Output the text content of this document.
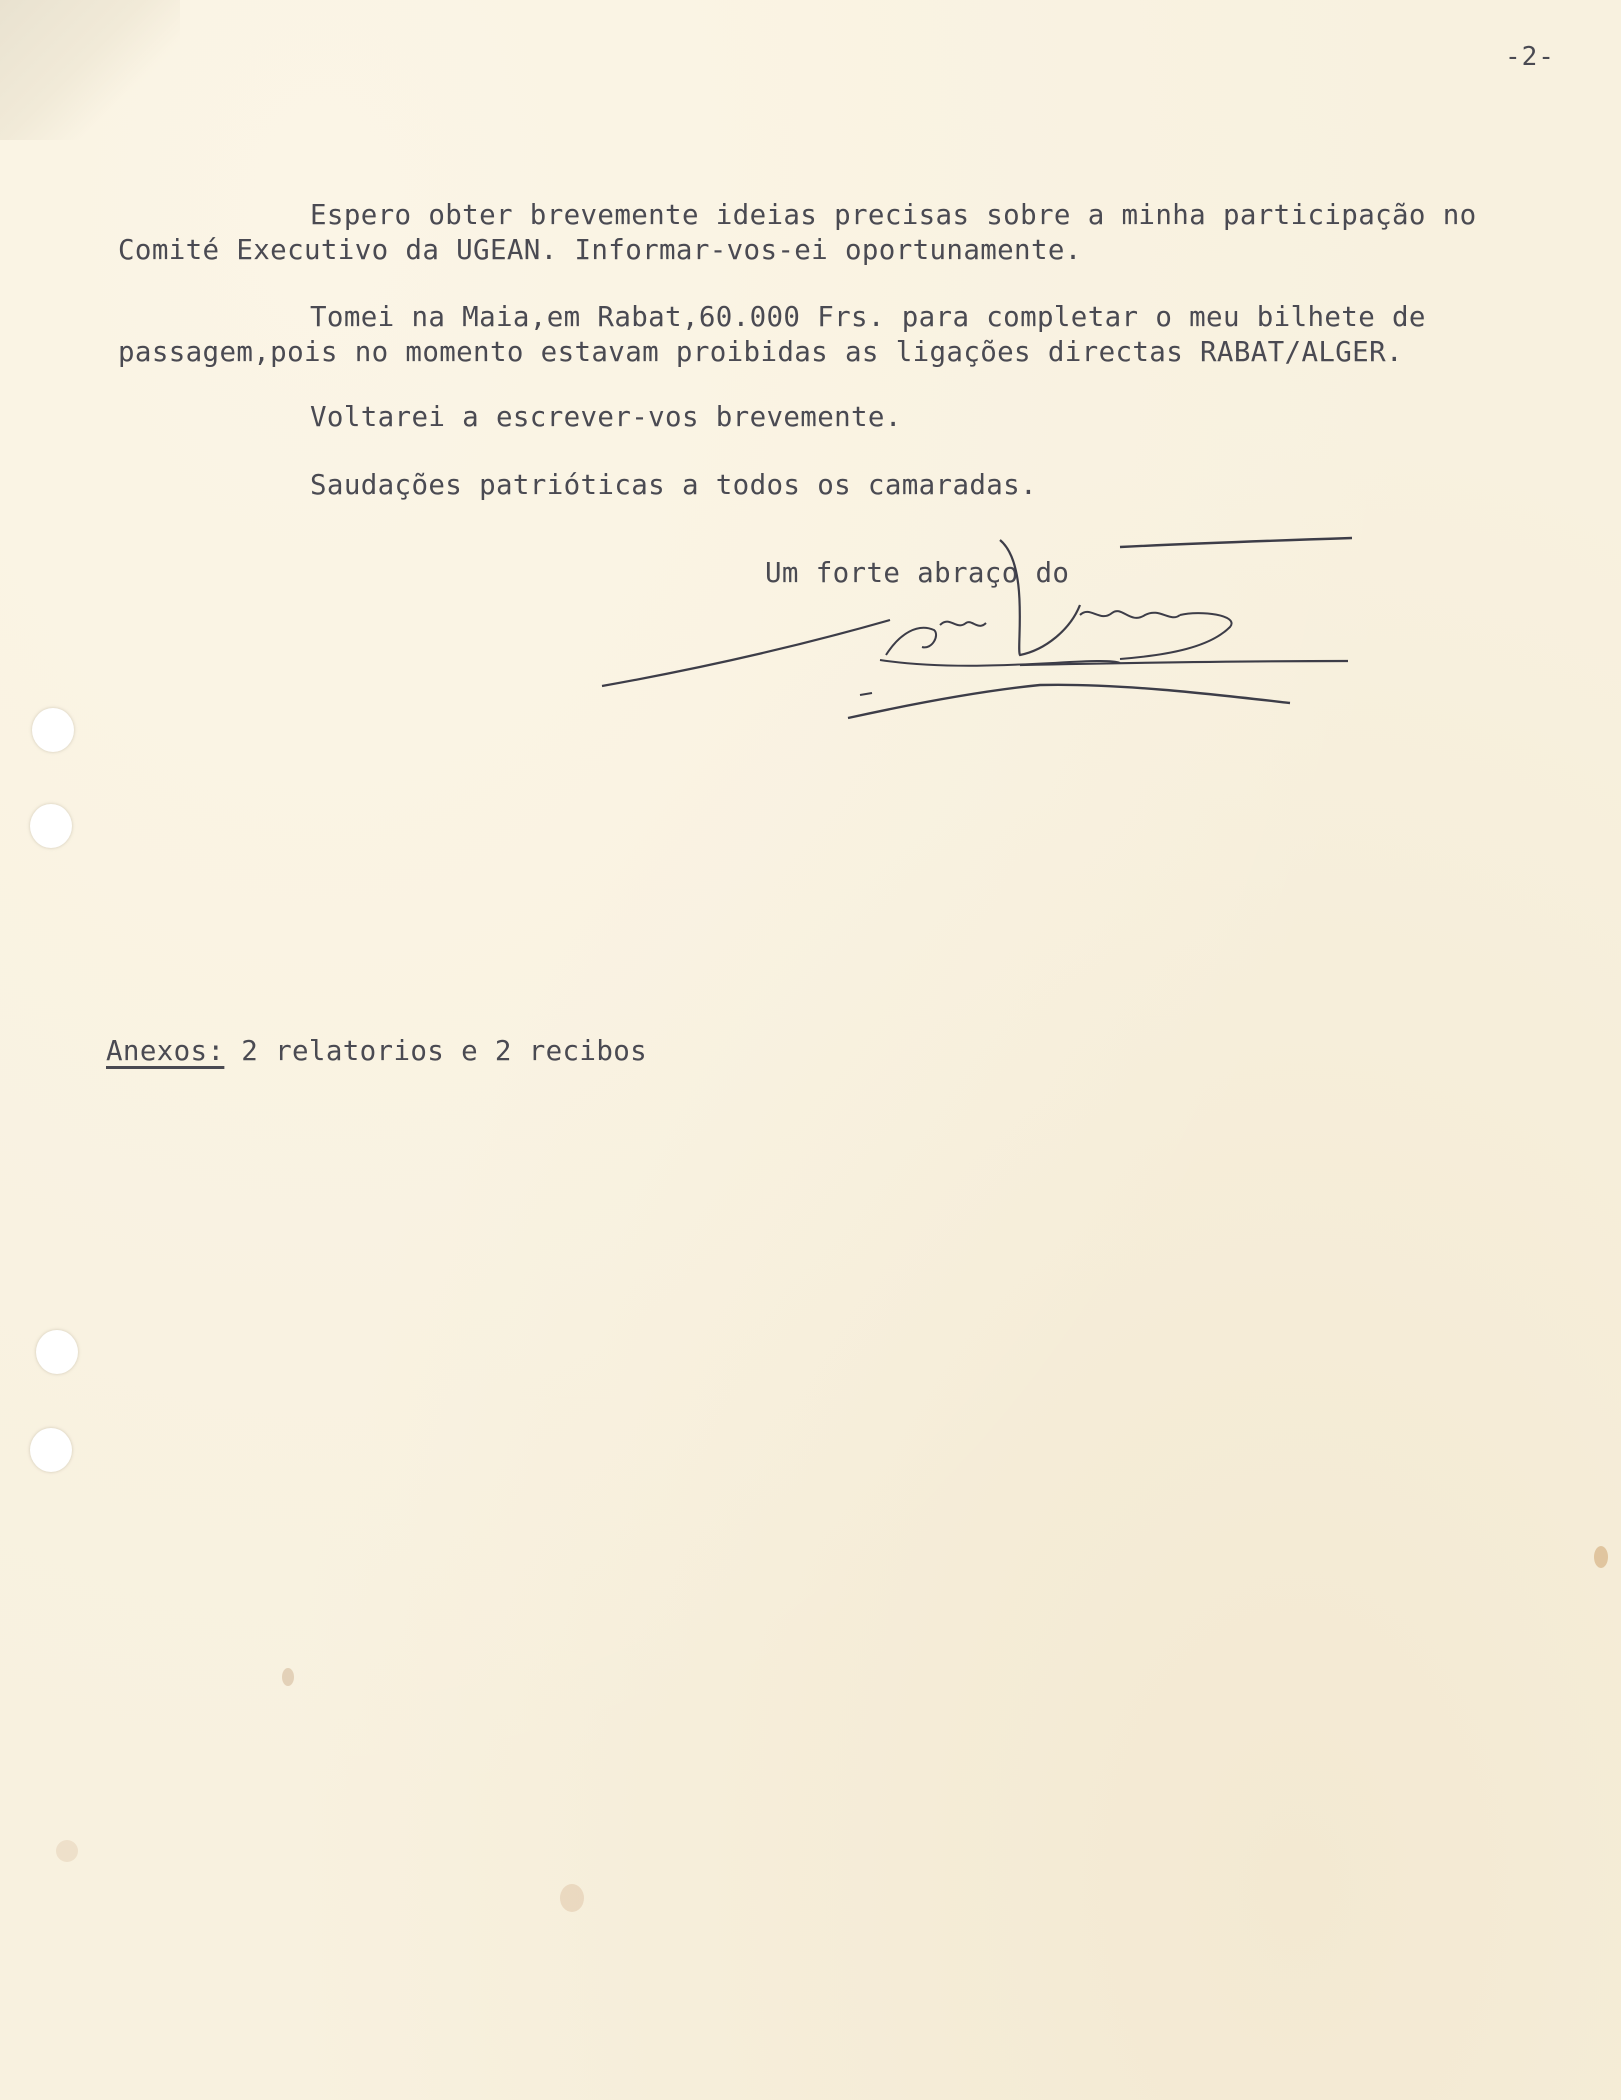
-2-
Espero obter brevemente ideias precisas sobre a minha participação no
Comité Executivo da UGEAN. Informar-vos-ei oportunamente.
Tomei na Maia,em Rabat,60.000 Frs. para completar o meu bilhete de
passagem,pois no momento estavam proibidas as ligações directas RABAT/ALGER.
Voltarei a escrever-vos brevemente.
Saudações patrióticas a todos os camaradas.
Um forte abraço do
Anexos: 2 relatorios e 2 recibos
